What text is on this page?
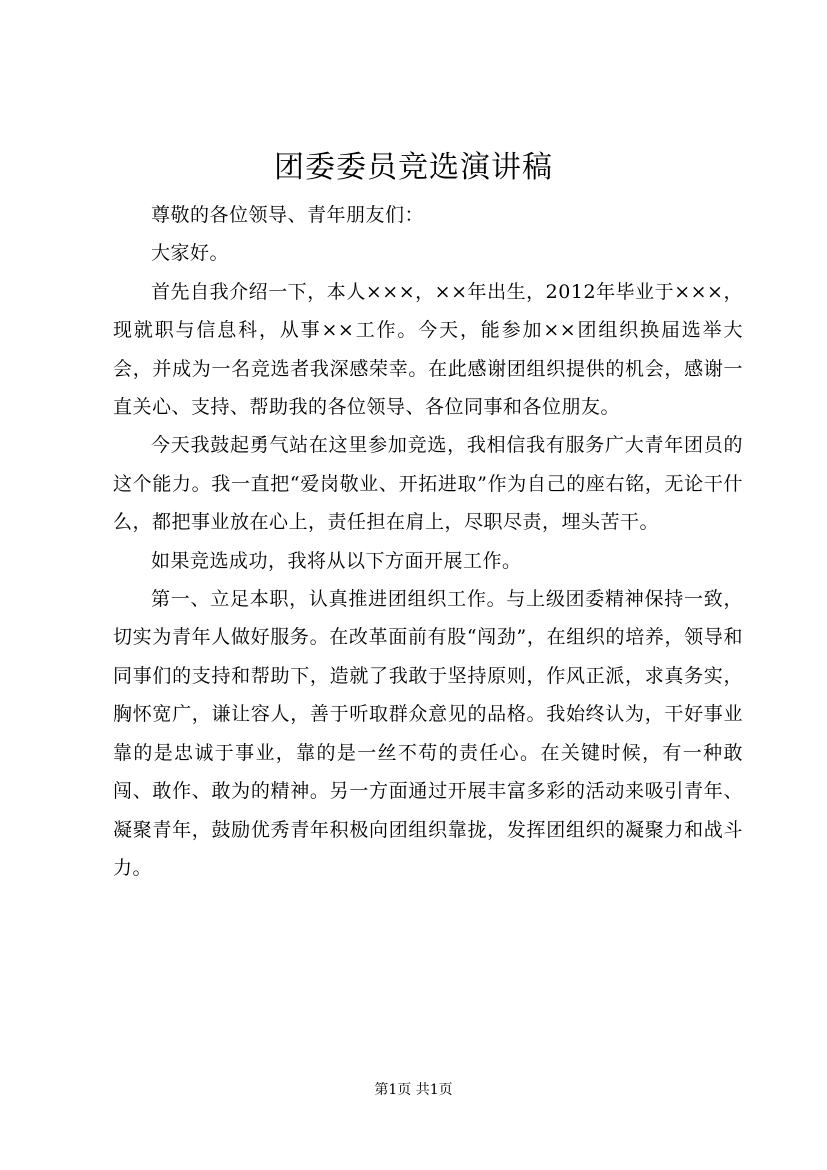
团委委员竞选演讲稿

尊敬的各位领导、青年朋友们：

大家好。

首先自我介绍一下，本人×××，××年出生，2012年毕业于×××，现就职与信息科，从事××工作。今天，能参加××团组织换届选举大会，并成为一名竞选者我深感荣幸。在此感谢团组织提供的机会，感谢一直关心、支持、帮助我的各位领导、各位同事和各位朋友。

今天我鼓起勇气站在这里参加竞选，我相信我有服务广大青年团员的这个能力。我一直把“爱岗敬业、开拓进取”作为自己的座右铭，无论干什么，都把事业放在心上，责任担在肩上，尽职尽责，埋头苦干。

如果竞选成功，我将从以下方面开展工作。

第一、立足本职，认真推进团组织工作。与上级团委精神保持一致，切实为青年人做好服务。在改革面前有股“闯劲”，在组织的培养，领导和同事们的支持和帮助下，造就了我敢于坚持原则，作风正派，求真务实，胸怀宽广，谦让容人，善于听取群众意见的品格。我始终认为，干好事业靠的是忠诚于事业，靠的是一丝不苟的责任心。在关键时候，有一种敢闯、敢作、敢为的精神。另一方面通过开展丰富多彩的活动来吸引青年、凝聚青年，鼓励优秀青年积极向团组织靠拢，发挥团组织的凝聚力和战斗力。

第1页 共1页
